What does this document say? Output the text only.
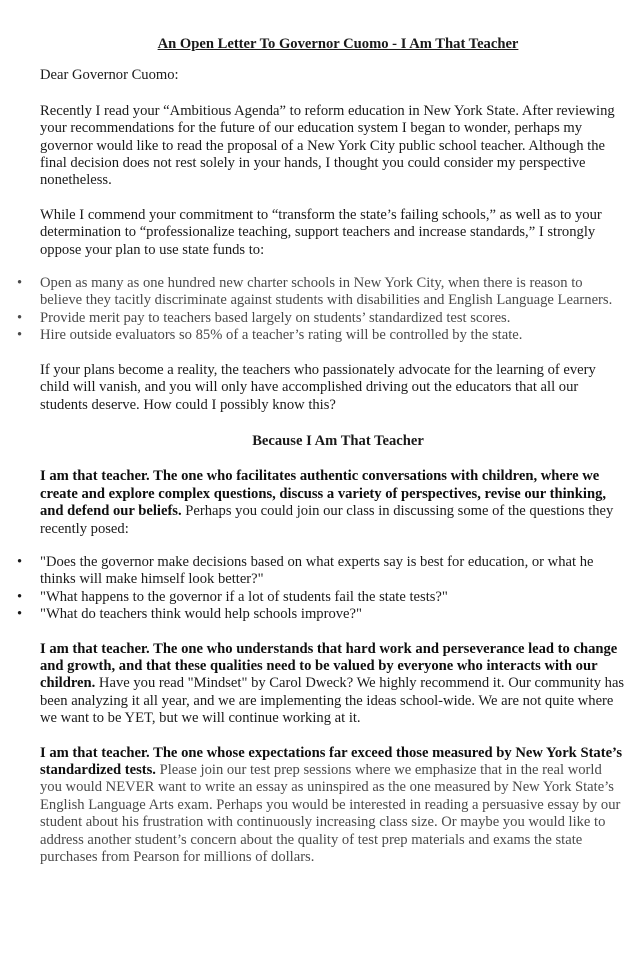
An Open Letter To Governor Cuomo - I Am That Teacher

Dear Governor Cuomo:

Recently I read your “Ambitious Agenda” to reform education in New York State. After reviewing your recommendations for the future of our education system I began to wonder, perhaps my governor would like to read the proposal of a New York City public school teacher. Although the final decision does not rest solely in your hands, I thought you could consider my perspective nonetheless.

While I commend your commitment to “transform the state’s failing schools,” as well as to your determination to “professionalize teaching, support teachers and increase standards,” I strongly oppose your plan to use state funds to:

• Open as many as one hundred new charter schools in New York City, when there is reason to believe they tacitly discriminate against students with disabilities and English Language Learners.
• Provide merit pay to teachers based largely on students’ standardized test scores.
• Hire outside evaluators so 85% of a teacher’s rating will be controlled by the state.

If your plans become a reality, the teachers who passionately advocate for the learning of every child will vanish, and you will only have accomplished driving out the educators that all our students deserve. How could I possibly know this?

Because I Am That Teacher

I am that teacher. The one who facilitates authentic conversations with children, where we create and explore complex questions, discuss a variety of perspectives, revise our thinking, and defend our beliefs. Perhaps you could join our class in discussing some of the questions they recently posed:

• "Does the governor make decisions based on what experts say is best for education, or what he thinks will make himself look better?"
• "What happens to the governor if a lot of students fail the state tests?"
• "What do teachers think would help schools improve?"

I am that teacher. The one who understands that hard work and perseverance lead to change and growth, and that these qualities need to be valued by everyone who interacts with our children. Have you read "Mindset" by Carol Dweck? We highly recommend it. Our community has been analyzing it all year, and we are implementing the ideas school-wide. We are not quite where we want to be YET, but we will continue working at it.

I am that teacher. The one whose expectations far exceed those measured by New York State’s standardized tests. Please join our test prep sessions where we emphasize that in the real world you would NEVER want to write an essay as uninspired as the one measured by New York State’s English Language Arts exam. Perhaps you would be interested in reading a persuasive essay by our student about his frustration with continuously increasing class size. Or maybe you would like to address another student’s concern about the quality of test prep materials and exams the state purchases from Pearson for millions of dollars.
